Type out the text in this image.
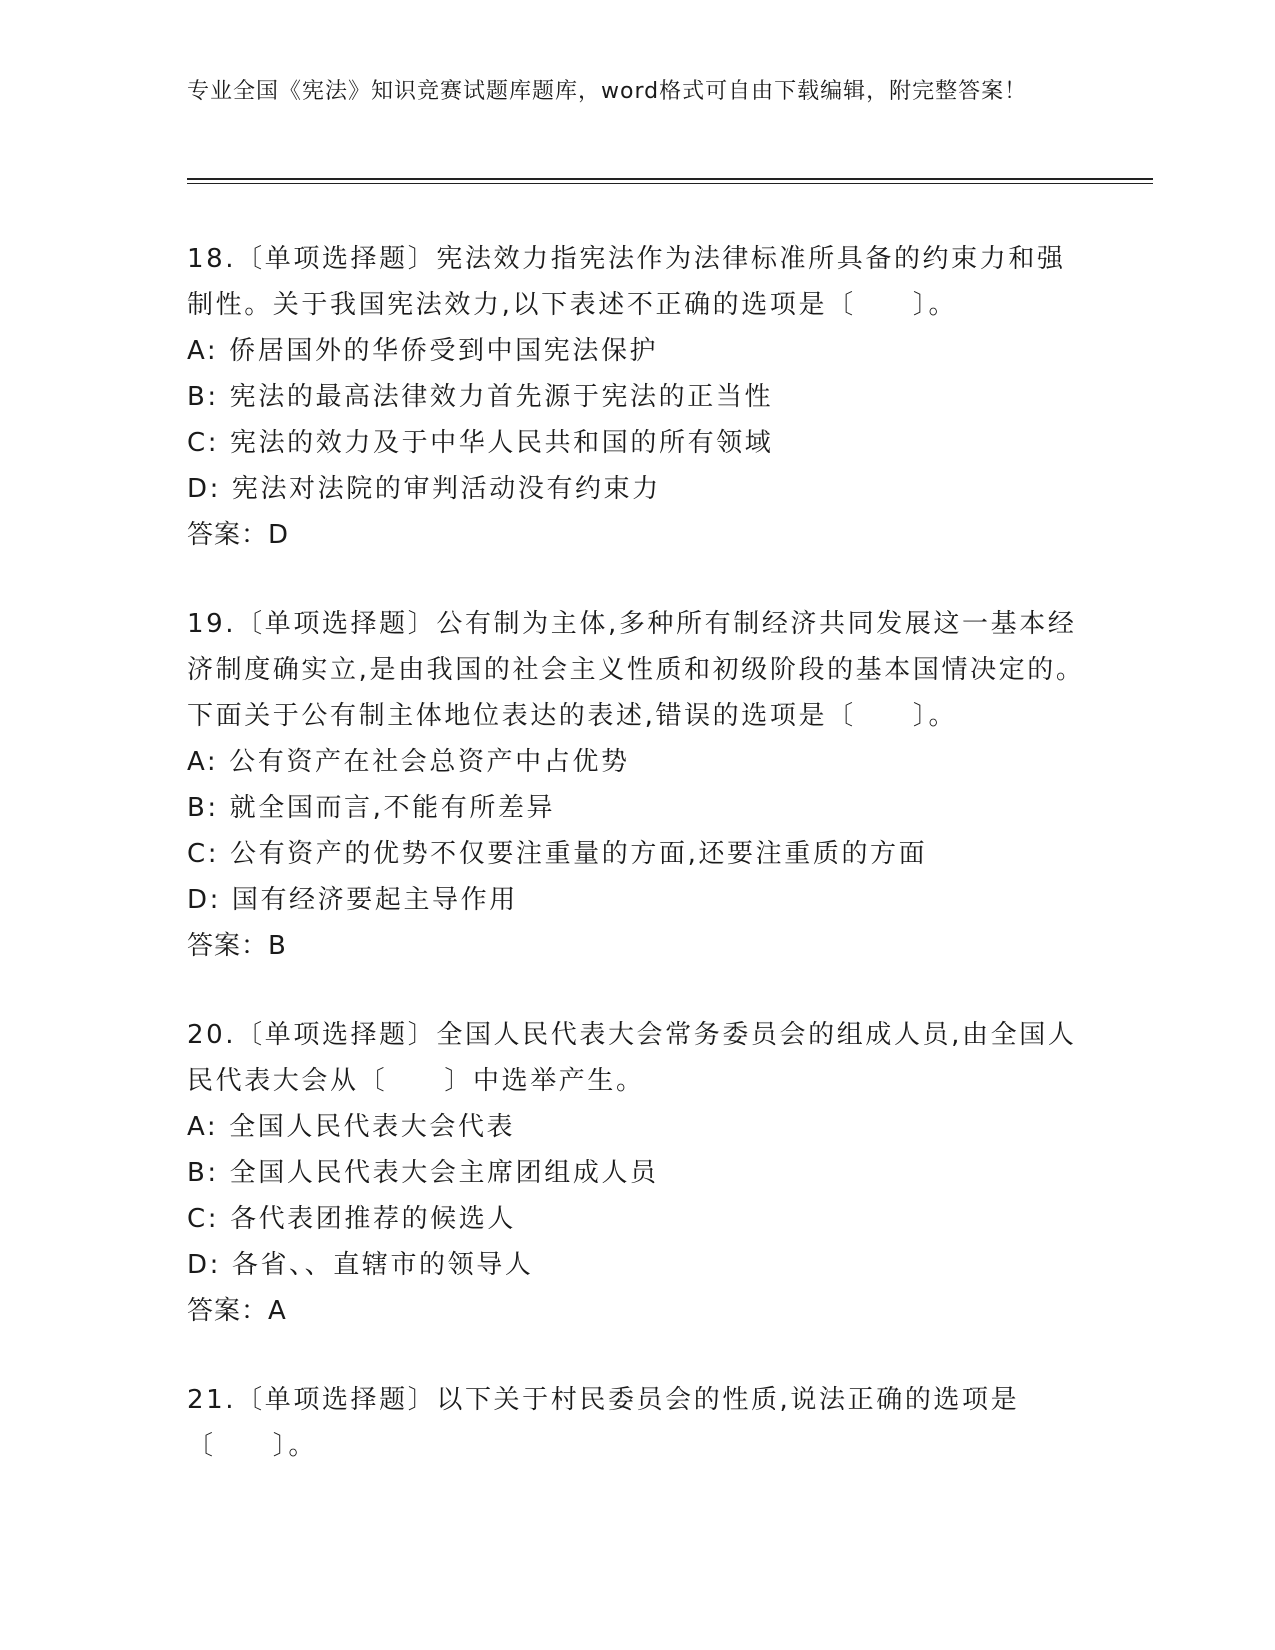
专业全国《宪法》知识竞赛试题库题库，word格式可自由下载编辑，附完整答案！

18.〔单项选择题〕宪法效力指宪法作为法律标准所具备的约束力和强制性。关于我国宪法效力,以下表述不正确的选项是〔　　〕。

A: 侨居国外的华侨受到中国宪法保护

B: 宪法的最高法律效力首先源于宪法的正当性

C: 宪法的效力及于中华人民共和国的所有领域

D: 宪法对法院的审判活动没有约束力

答案：D

19.〔单项选择题〕公有制为主体,多种所有制经济共同发展这一基本经济制度确实立,是由我国的社会主义性质和初级阶段的基本国情决定的。下面关于公有制主体地位表达的表述,错误的选项是〔　　〕。

A: 公有资产在社会总资产中占优势

B: 就全国而言,不能有所差异

C: 公有资产的优势不仅要注重量的方面,还要注重质的方面

D: 国有经济要起主导作用

答案：B

20.〔单项选择题〕全国人民代表大会常务委员会的组成人员,由全国人民代表大会从〔　　〕中选举产生。

A: 全国人民代表大会代表

B: 全国人民代表大会主席团组成人员

C: 各代表团推荐的候选人

D: 各省、、直辖市的领导人

答案：A

21.〔单项选择题〕以下关于村民委员会的性质,说法正确的选项是〔　　〕。
